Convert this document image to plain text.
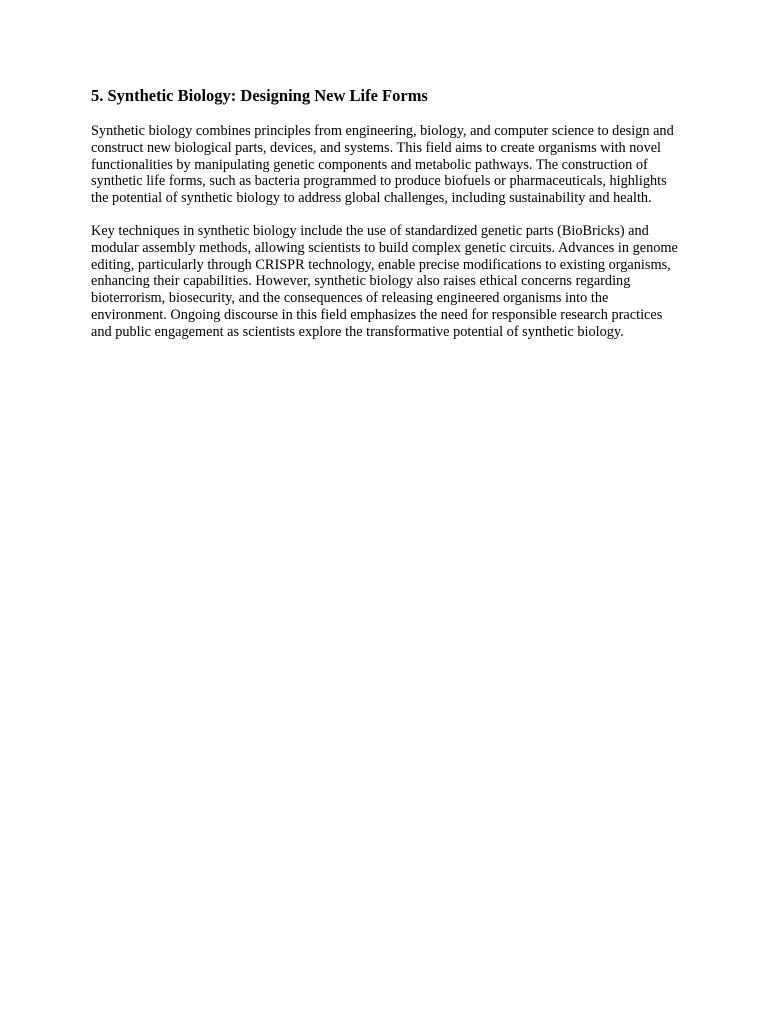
5. Synthetic Biology: Designing New Life Forms

Synthetic biology combines principles from engineering, biology, and computer science to design and construct new biological parts, devices, and systems. This field aims to create organisms with novel functionalities by manipulating genetic components and metabolic pathways. The construction of synthetic life forms, such as bacteria programmed to produce biofuels or pharmaceuticals, highlights the potential of synthetic biology to address global challenges, including sustainability and health.

Key techniques in synthetic biology include the use of standardized genetic parts (BioBricks) and modular assembly methods, allowing scientists to build complex genetic circuits. Advances in genome editing, particularly through CRISPR technology, enable precise modifications to existing organisms, enhancing their capabilities. However, synthetic biology also raises ethical concerns regarding bioterrorism, biosecurity, and the consequences of releasing engineered organisms into the environment. Ongoing discourse in this field emphasizes the need for responsible research practices and public engagement as scientists explore the transformative potential of synthetic biology.
